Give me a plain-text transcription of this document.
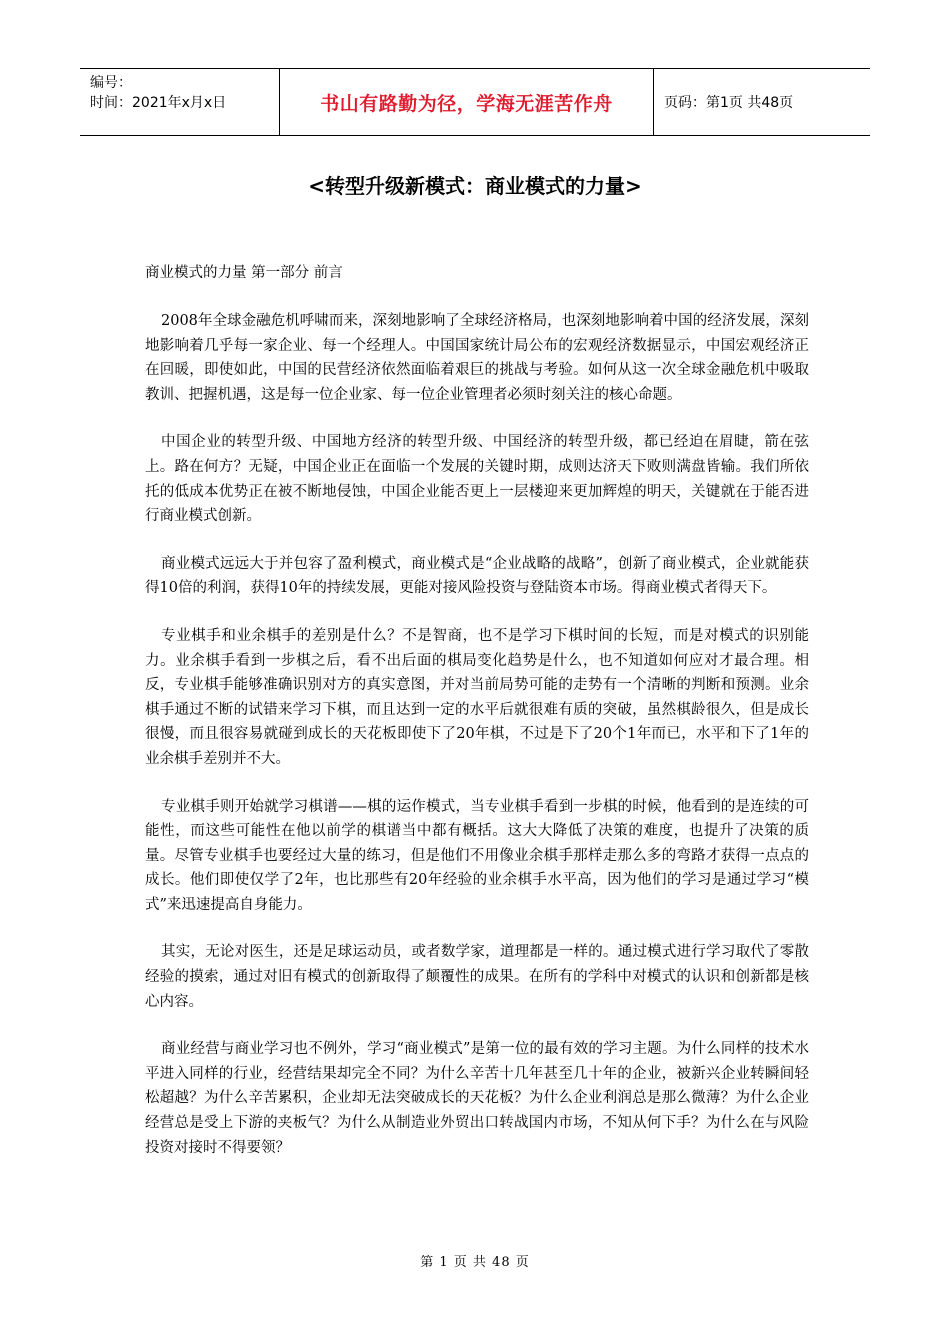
编号：
时间：2021年x月x日	书山有路勤为径，学海无涯苦作舟	页码：第1页 共48页
<转型升级新模式：商业模式的力量>
商业模式的力量 第一部分 前言

2008年全球金融危机呼啸而来，深刻地影响了全球经济格局，也深刻地影响着中国的经济发展，深刻地影响着几乎每一家企业、每一个经理人。中国国家统计局公布的宏观经济数据显示，中国宏观经济正在回暖，即使如此，中国的民营经济依然面临着艰巨的挑战与考验。如何从这一次全球金融危机中吸取教训、把握机遇，这是每一位企业家、每一位企业管理者必须时刻关注的核心命题。

中国企业的转型升级、中国地方经济的转型升级、中国经济的转型升级，都已经迫在眉睫，箭在弦上。路在何方？无疑，中国企业正在面临一个发展的关键时期，成则达济天下败则满盘皆输。我们所依托的低成本优势正在被不断地侵蚀，中国企业能否更上一层楼迎来更加辉煌的明天，关键就在于能否进行商业模式创新。

商业模式远远大于并包容了盈利模式，商业模式是“企业战略的战略”，创新了商业模式，企业就能获得10倍的利润，获得10年的持续发展，更能对接风险投资与登陆资本市场。得商业模式者得天下。

专业棋手和业余棋手的差别是什么？不是智商，也不是学习下棋时间的长短，而是对模式的识别能力。业余棋手看到一步棋之后，看不出后面的棋局变化趋势是什么，也不知道如何应对才最合理。相反，专业棋手能够准确识别对方的真实意图，并对当前局势可能的走势有一个清晰的判断和预测。业余棋手通过不断的试错来学习下棋，而且达到一定的水平后就很难有质的突破，虽然棋龄很久，但是成长很慢，而且很容易就碰到成长的天花板即使下了20年棋，不过是下了20个1年而已，水平和下了1年的业余棋手差别并不大。

专业棋手则开始就学习棋谱——棋的运作模式，当专业棋手看到一步棋的时候，他看到的是连续的可能性，而这些可能性在他以前学的棋谱当中都有概括。这大大降低了决策的难度，也提升了决策的质量。尽管专业棋手也要经过大量的练习，但是他们不用像业余棋手那样走那么多的弯路才获得一点点的成长。他们即使仅学了2年，也比那些有20年经验的业余棋手水平高，因为他们的学习是通过学习“模式”来迅速提高自身能力。

其实，无论对医生，还是足球运动员，或者数学家，道理都是一样的。通过模式进行学习取代了零散经验的摸索，通过对旧有模式的创新取得了颠覆性的成果。在所有的学科中对模式的认识和创新都是核心内容。

商业经营与商业学习也不例外，学习“商业模式”是第一位的最有效的学习主题。为什么同样的技术水平进入同样的行业，经营结果却完全不同？为什么辛苦十几年甚至几十年的企业，被新兴企业转瞬间轻松超越？为什么辛苦累积，企业却无法突破成长的天花板？为什么企业利润总是那么微薄？为什么企业经营总是受上下游的夹板气？为什么从制造业外贸出口转战国内市场，不知从何下手？为什么在与风险投资对接时不得要领？

第 1 页 共 48 页
